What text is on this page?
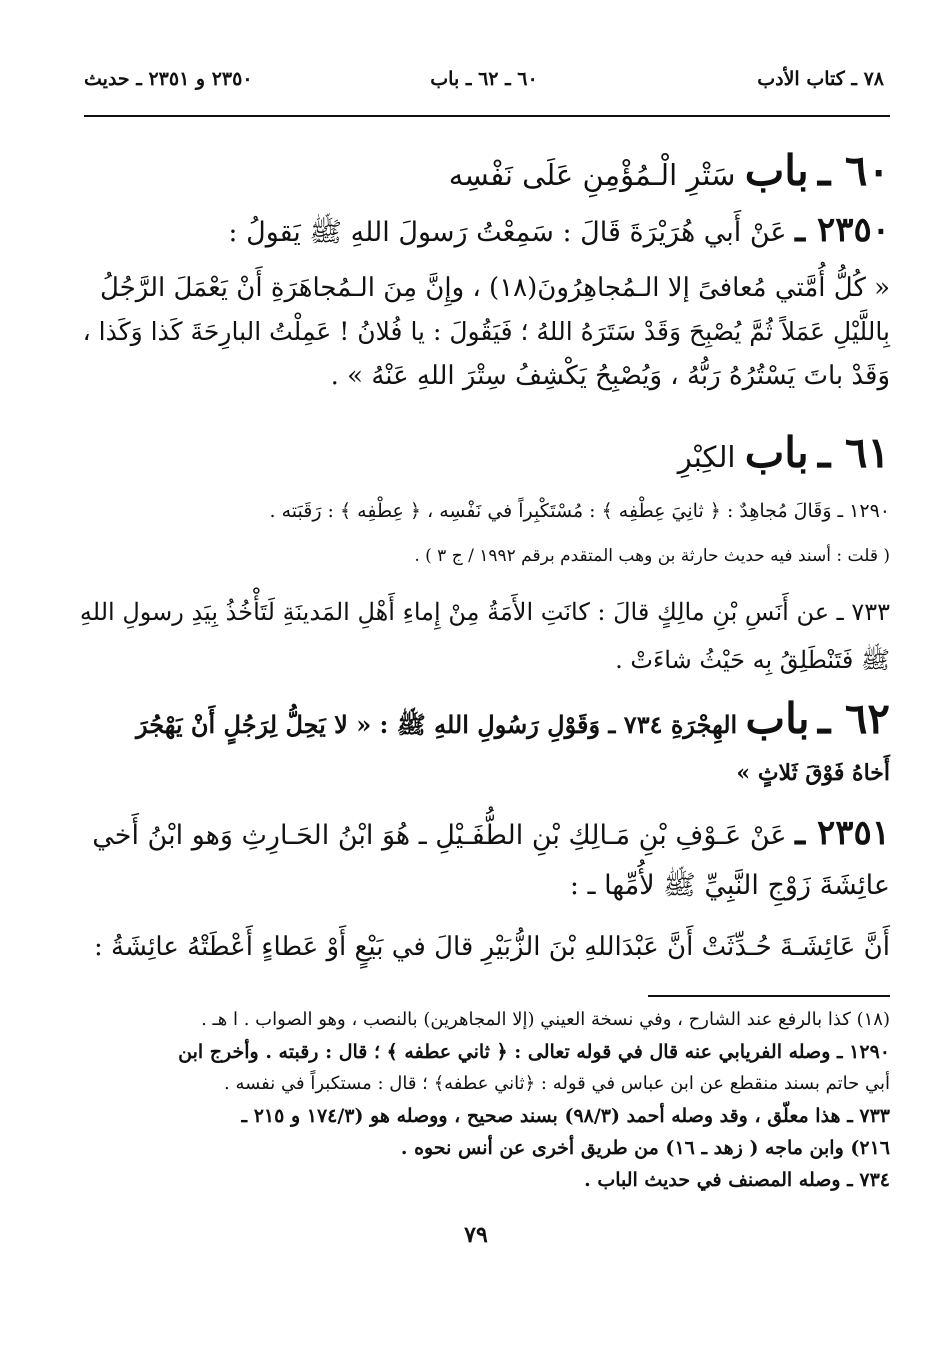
٧٨ ـ كتاب الأدب
٦٠ ـ ٦٢ ـ باب
٢٣٥٠ و ٢٣٥١ ـ حديث
٦٠ ـ باب سَتْرِ الْـمُؤْمِنِ عَلَى نَفْسِه
٢٣٥٠ ـ عَنْ أَبي هُرَيْرَةَ قَالَ : سَمِعْتُ رَسولَ اللهِ ﷺ يَقولُ :
« كُلُّ أُمَّتي مُعافىً إلا الـمُجاهِرُونَ(١٨) ، وإِنَّ مِنَ الـمُجاهَرَةِ أَنْ يَعْمَلَ الرَّجُلُ
بِاللَّيْلِ عَمَلاً ثُمَّ يُصْبِحَ وَقَدْ سَتَرَهُ اللهُ ؛ فَيَقُولَ : يا فُلانُ ! عَمِلْتُ البارِحَةَ كَذا وَكَذا ،
وَقَدْ باتَ يَسْتُرُهُ رَبُّهُ ، وَيُصْبِحُ يَكْشِفُ سِتْرَ اللهِ عَنْهُ » .
٦١ ـ باب الكِبْرِ
١٢٩٠ ـ وَقَالَ مُجاهِدٌ : ﴿ ثانِيَ عِطْفِه ﴾ : مُسْتَكْبِراً في نَفْسِه ، ﴿ عِطْفِه ﴾ : رَقَبَته .
( قلت : أسند فيه حديث حارثة بن وهب المتقدم برقم ١٩٩٢ / ج ٣ ) .
٧٣٣ ـ عن أَنَسِ بْنِ مالِكٍ قالَ : كانَتِ الأَمَةُ مِنْ إِماءِ أَهْلِ المَدينَةِ لَتَأْخُذُ بِيَدِ رسولِ اللهِ
ﷺ فَتَنْطَلِقُ بِه حَيْثُ شاءَتْ .
٦٢ ـ باب الهِجْرَةِ ٧٣٤ ـ وَقَوْلِ رَسُولِ اللهِ ﷺ : « لا يَحِلُّ لِرَجُلٍ أَنْ يَهْجُرَ
أَخاهُ فَوْقَ ثَلاثٍ »
٢٣٥١ ـ عَنْ عَـوْفِ بْنِ مَـالِكِ بْنِ الطُّفَـيْلِ ـ هُوَ ابْنُ الحَـارِثِ وَهو ابْنُ أَخي
عائِشَةَ زَوْجِ النَّبِيِّ ﷺ لأُمِّها ـ :
أَنَّ عَائِشَـةَ حُـدِّثَتْ أَنَّ عَبْدَاللهِ بْنَ الزُّبَيْرِ قالَ في بَيْعٍ أَوْ عَطاءٍ أَعْطَتْهُ عائِشَةُ :
(١٨) كذا بالرفع عند الشارح ، وفي نسخة العيني (إلا المجاهرين) بالنصب ، وهو الصواب . ا هـ .
١٢٩٠ ـ وصله الفريابي عنه قال في قوله تعالى : ﴿ ثاني عطفه ﴾ ؛ قال : رقبته . وأخرج ابن
أبي حاتم بسند منقطع عن ابن عباس في قوله : ﴿ثاني عطفه﴾ ؛ قال : مستكبراً في نفسه .
٧٣٣ ـ هذا معلّق ، وقد وصله أحمد (٩٨/٣) بسند صحيح ، ووصله هو (١٧٤/٣ و ٢١٥ ـ
٢١٦) وابن ماجه ( زهد ـ ١٦) من طريق أخرى عن أنس نحوه .
٧٣٤ ـ وصله المصنف في حديث الباب .
٧٩
